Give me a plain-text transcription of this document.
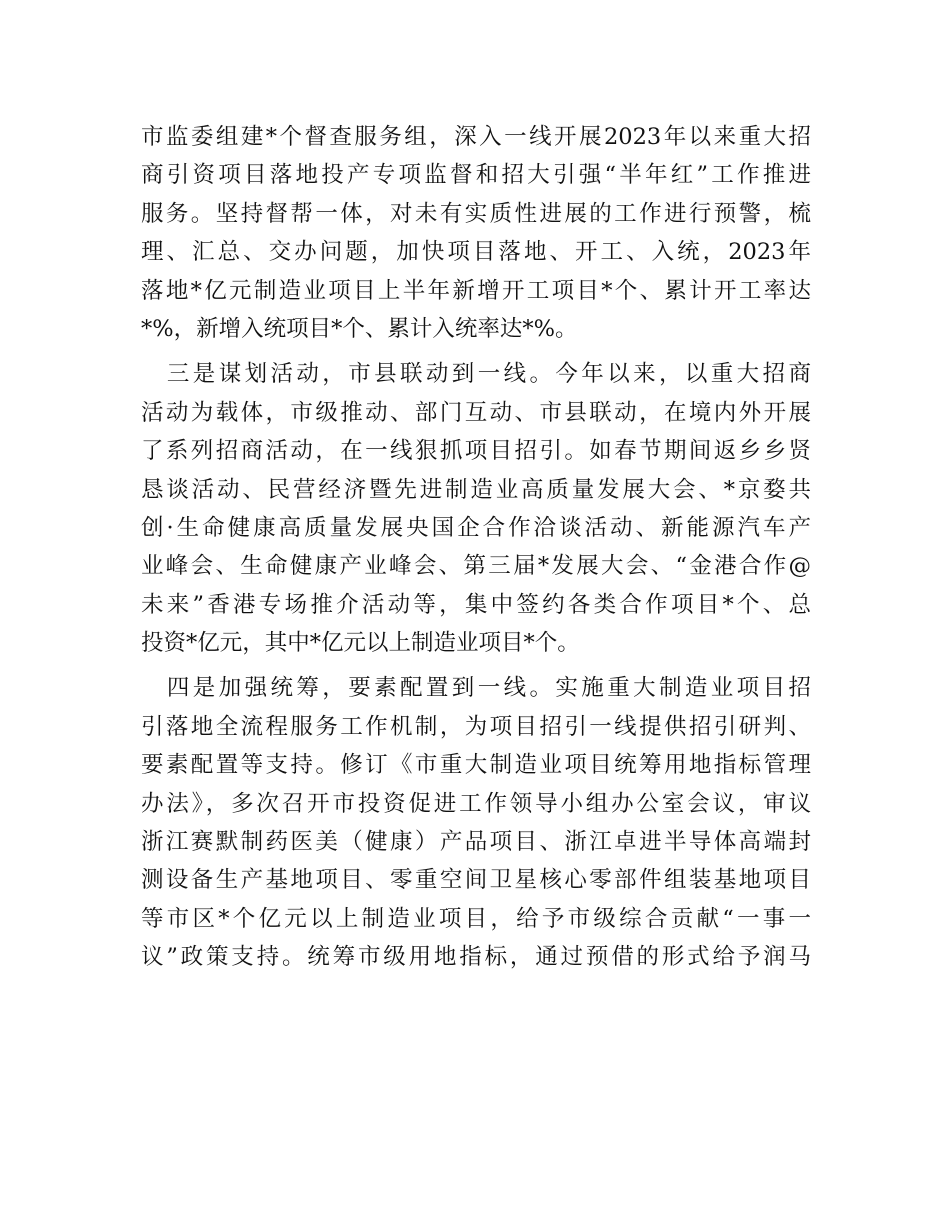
市监委组建*个督查服务组，深入一线开展2023年以来重大招
商引资项目落地投产专项监督和招大引强“半年红”工作推进
服务。坚持督帮一体，对未有实质性进展的工作进行预警，梳
理、汇总、交办问题，加快项目落地、开工、入统，2023年
落地*亿元制造业项目上半年新增开工项目*个、累计开工率达
*%，新增入统项目*个、累计入统率达*%。
　三是谋划活动，市县联动到一线。今年以来，以重大招商
活动为载体，市级推动、部门互动、市县联动，在境内外开展
了系列招商活动，在一线狠抓项目招引。如春节期间返乡乡贤
恳谈活动、民营经济暨先进制造业高质量发展大会、*京婺共
创·生命健康高质量发展央国企合作洽谈活动、新能源汽车产
业峰会、生命健康产业峰会、第三届*发展大会、“金港合作@
未来”香港专场推介活动等，集中签约各类合作项目*个、总
投资*亿元，其中*亿元以上制造业项目*个。
　四是加强统筹，要素配置到一线。实施重大制造业项目招
引落地全流程服务工作机制，为项目招引一线提供招引研判、
要素配置等支持。修订《市重大制造业项目统筹用地指标管理
办法》，多次召开市投资促进工作领导小组办公室会议，审议
浙江赛默制药医美（健康）产品项目、浙江卓进半导体高端封
测设备生产基地项目、零重空间卫星核心零部件组装基地项目
等市区*个亿元以上制造业项目，给予市级综合贡献“一事一
议”政策支持。统筹市级用地指标，通过预借的形式给予润马
